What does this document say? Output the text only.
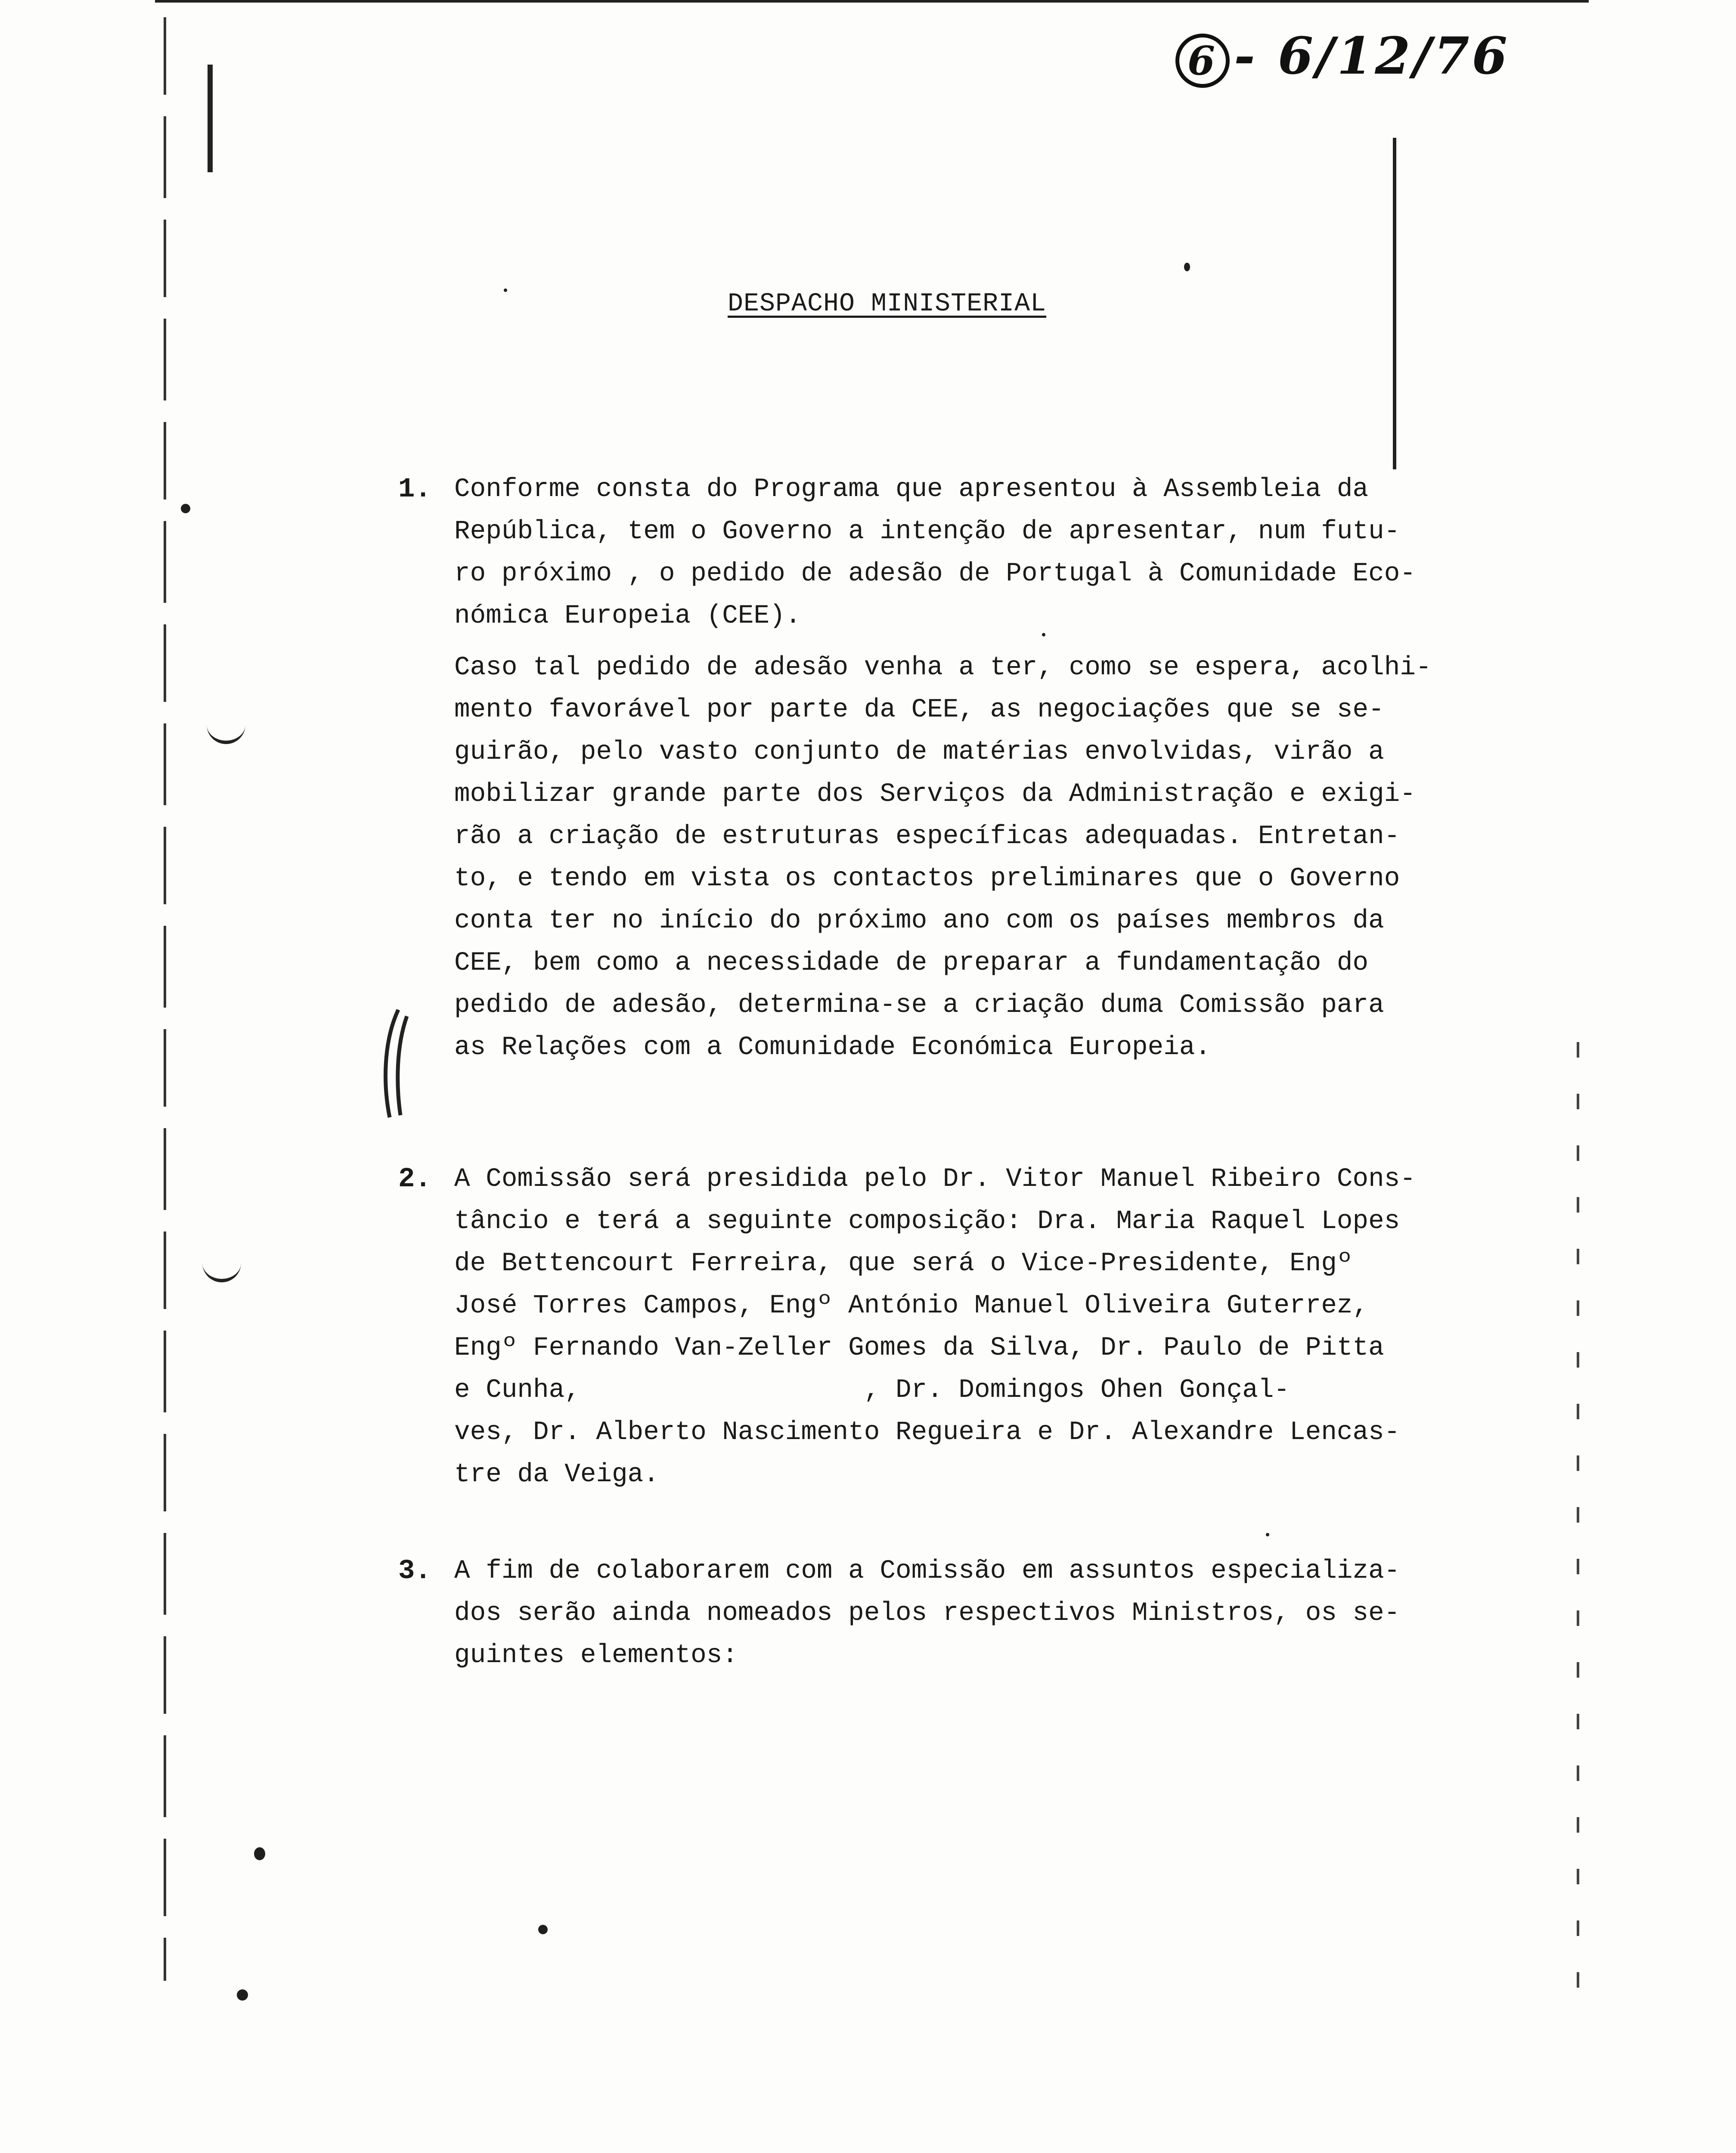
6 - 6/12/76
DESPACHO MINISTERIAL
1. Conforme consta do Programa que apresentou à Assembleia da
República, tem o Governo a intenção de apresentar, num futu-
ro próximo , o pedido de adesão de Portugal à Comunidade Eco-
nómica Europeia (CEE).

Caso tal pedido de adesão venha a ter, como se espera, acolhi-
mento favorável por parte da CEE, as negociações que se se-
guirão, pelo vasto conjunto de matérias envolvidas, virão a
mobilizar grande parte dos Serviços da Administração e exigi-
rão a criação de estruturas específicas adequadas. Entretan-
to, e tendo em vista os contactos preliminares que o Governo
conta ter no início do próximo ano com os países membros da
CEE, bem como a necessidade de preparar a fundamentação do
pedido de adesão, determina-se a criação duma Comissão para
as Relações com a Comunidade Económica Europeia.

2. A Comissão será presidida pelo Dr. Vitor Manuel Ribeiro Cons-
tâncio e terá a seguinte composição: Dra. Maria Raquel Lopes
de Bettencourt Ferreira, que será o Vice-Presidente, Engº
José Torres Campos, Engº António Manuel Oliveira Guterrez,
Engº Fernando Van-Zeller Gomes da Silva, Dr. Paulo de Pitta
e Cunha,                  , Dr. Domingos Ohen Gonçal-
ves, Dr. Alberto Nascimento Regueira e Dr. Alexandre Lencas-
tre da Veiga.

3. A fim de colaborarem com a Comissão em assuntos especializa-
dos serão ainda nomeados pelos respectivos Ministros, os se-
guintes elementos:
